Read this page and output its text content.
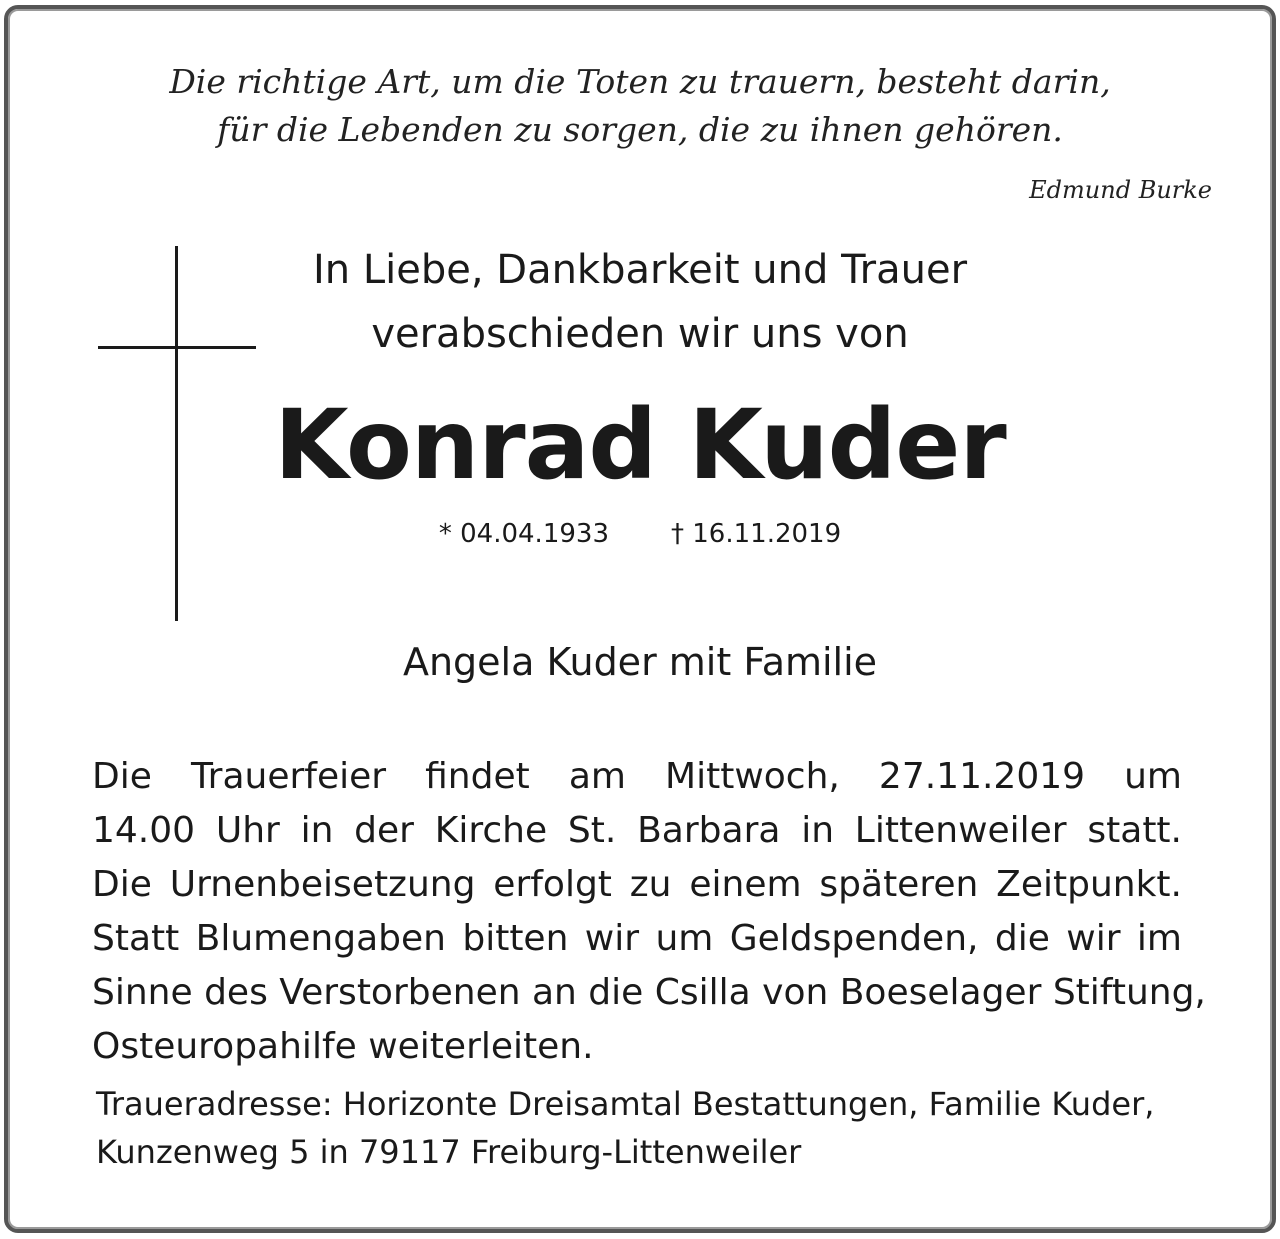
Die richtige Art, um die Toten zu trauern, besteht darin,
für die Lebenden zu sorgen, die zu ihnen gehören.

Edmund Burke

In Liebe, Dankbarkeit und Trauer
verabschieden wir uns von

Konrad Kuder

* 04.04.1933 † 16.11.2019

Angela Kuder mit Familie

Die Trauerfeier findet am Mittwoch, 27.11.2019 um
14.00 Uhr in der Kirche St. Barbara in Littenweiler statt.
Die Urnenbeisetzung erfolgt zu einem späteren Zeitpunkt.
Statt Blumengaben bitten wir um Geldspenden, die wir im
Sinne des Verstorbenen an die Csilla von Boeselager Stiftung,
Osteuropahilfe weiterleiten.

Traueradresse: Horizonte Dreisamtal Bestattungen, Familie Kuder,
Kunzenweg 5 in 79117 Freiburg-Littenweiler
